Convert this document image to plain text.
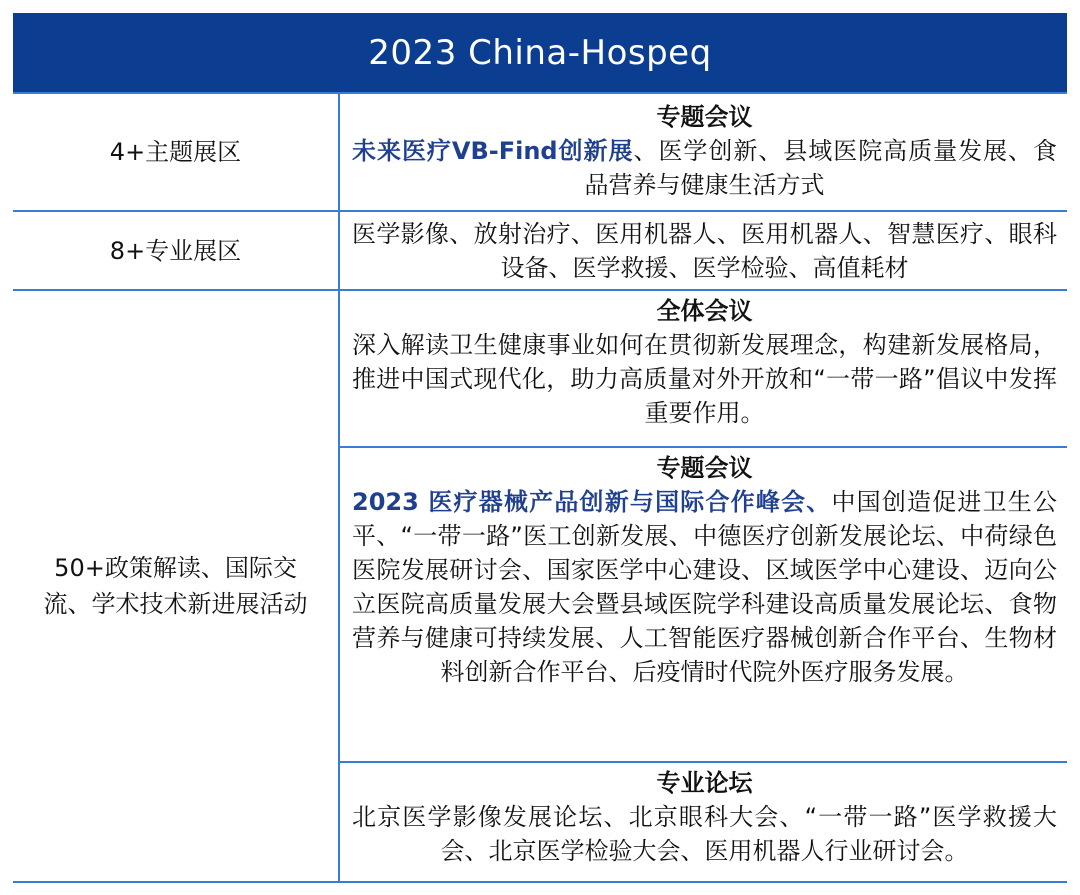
2023 China-Hospeq
4+主题展区
专题会议
未来医疗VB-Find创新展、医学创新、县域医院高质量发展、食品营养与健康生活方式
8+专业展区
医学影像、放射治疗、医用机器人、医用机器人、智慧医疗、眼科设备、医学救援、医学检验、高值耗材
50+政策解读、国际交流、学术技术新进展活动
全体会议
深入解读卫生健康事业如何在贯彻新发展理念，构建新发展格局，推进中国式现代化，助力高质量对外开放和“一带一路”倡议中发挥重要作用。
专题会议
2023 医疗器械产品创新与国际合作峰会、中国创造促进卫生公平、“一带一路”医工创新发展、中德医疗创新发展论坛、中荷绿色医院发展研讨会、国家医学中心建设、区域医学中心建设、迈向公立医院高质量发展大会暨县域医院学科建设高质量发展论坛、食物营养与健康可持续发展、人工智能医疗器械创新合作平台、生物材料创新合作平台、后疫情时代院外医疗服务发展。
专业论坛
北京医学影像发展论坛、北京眼科大会、“一带一路”医学救援大会、北京医学检验大会、医用机器人行业研讨会。
